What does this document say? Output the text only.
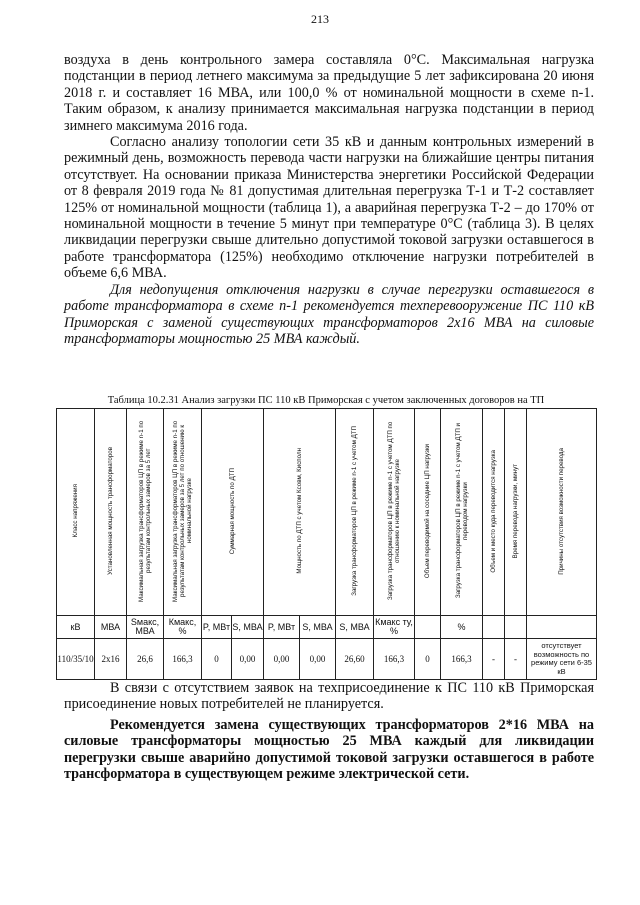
213

воздуха в день контрольного замера составляла 0°С. Максимальная нагрузка подстанции в период летнего максимума за предыдущие 5 лет зафиксирована 20 июня 2018 г. и составляет 16 МВА, или 100,0 % от номинальной мощности в схеме n-1. Таким образом, к анализу принимается максимальная нагрузка подстанции в период зимнего максимума 2016 года.

Согласно анализу топологии сети 35 кВ и данным контрольных измерений в режимный день, возможность перевода части нагрузки на ближайшие центры питания отсутствует. На основании приказа Министерства энергетики Российской Федерации от 8 февраля 2019 года № 81 допустимая длительная перегрузка Т-1 и Т-2 составляет 125% от номинальной мощности (таблица 1), а аварийная перегрузка Т-2 – до 170% от номинальной мощности в течение 5 минут при температуре 0°С (таблица 3). В целях ликвидации перегрузки свыше длительно допустимой токовой загрузки оставшегося в работе трансформатора (125%) необходимо отключение нагрузки потребителей в объеме 6,6 МВА.

Для недопущения отключения нагрузки в случае перегрузки оставшегося в работе трансформатора в схеме n-1 рекомендуется техперевооружение ПС 110 кВ Приморская с заменой существующих трансформаторов 2х16 МВА на силовые трансформаторы мощностью 25 МВА каждый.

Таблица 10.2.31 Анализ загрузки ПС 110 кВ Приморская с учетом заключенных договоров на ТП
Класс напряжения	Установленная мощность трансформаторов	Максимальная загрузка трансформаторов ЦП в режиме n-1 по результатам контрольных замеров за 5 лет	Максимальная загрузка трансформаторов ЦП в режиме n-1 по результатам контрольных замеров за 5 лет по отношению к номинальной нагрузке	Суммарная мощность по ДТП		Мощность по ДТП с учетом Ксовм, Кисполн		Загрузка трансформаторов ЦП в режиме n-1 с учетом ДТП	Загрузка трансформаторов ЦП в режиме n-1 с учетом ДТП по отношению к номинальной нагрузке	Объем переводимой на соседние ЦП нагрузки	Загрузка трансформаторов ЦП в режиме n-1 с учетом ДТП и переводом нагрузки	Объем и место куда переводится нагрузка	Время перевода нагрузки, минут	Причины отсутствия возможности перевода
кВ	МВА	Sмакс, МВА	Кмакс, %	P, МВт	S, МВА	P, МВт	S, МВА	S, МВА	Кмакс ту, %		%			
110/35/10	2х16	26,6	166,3	0	0,00	0,00	0,00	26,60	166,3	0	166,3	-	-	отсутствует возможность по режиму сети 6-35 кВ

В связи с отсутствием заявок на техприсоединение к ПС 110 кВ Приморская присоединение новых потребителей не планируется.

Рекомендуется замена существующих трансформаторов 2*16 МВА на силовые трансформаторы мощностью 25 МВА каждый для ликвидации перегрузки свыше аварийно допустимой токовой загрузки оставшегося в работе трансформатора в существующем режиме электрической сети.
